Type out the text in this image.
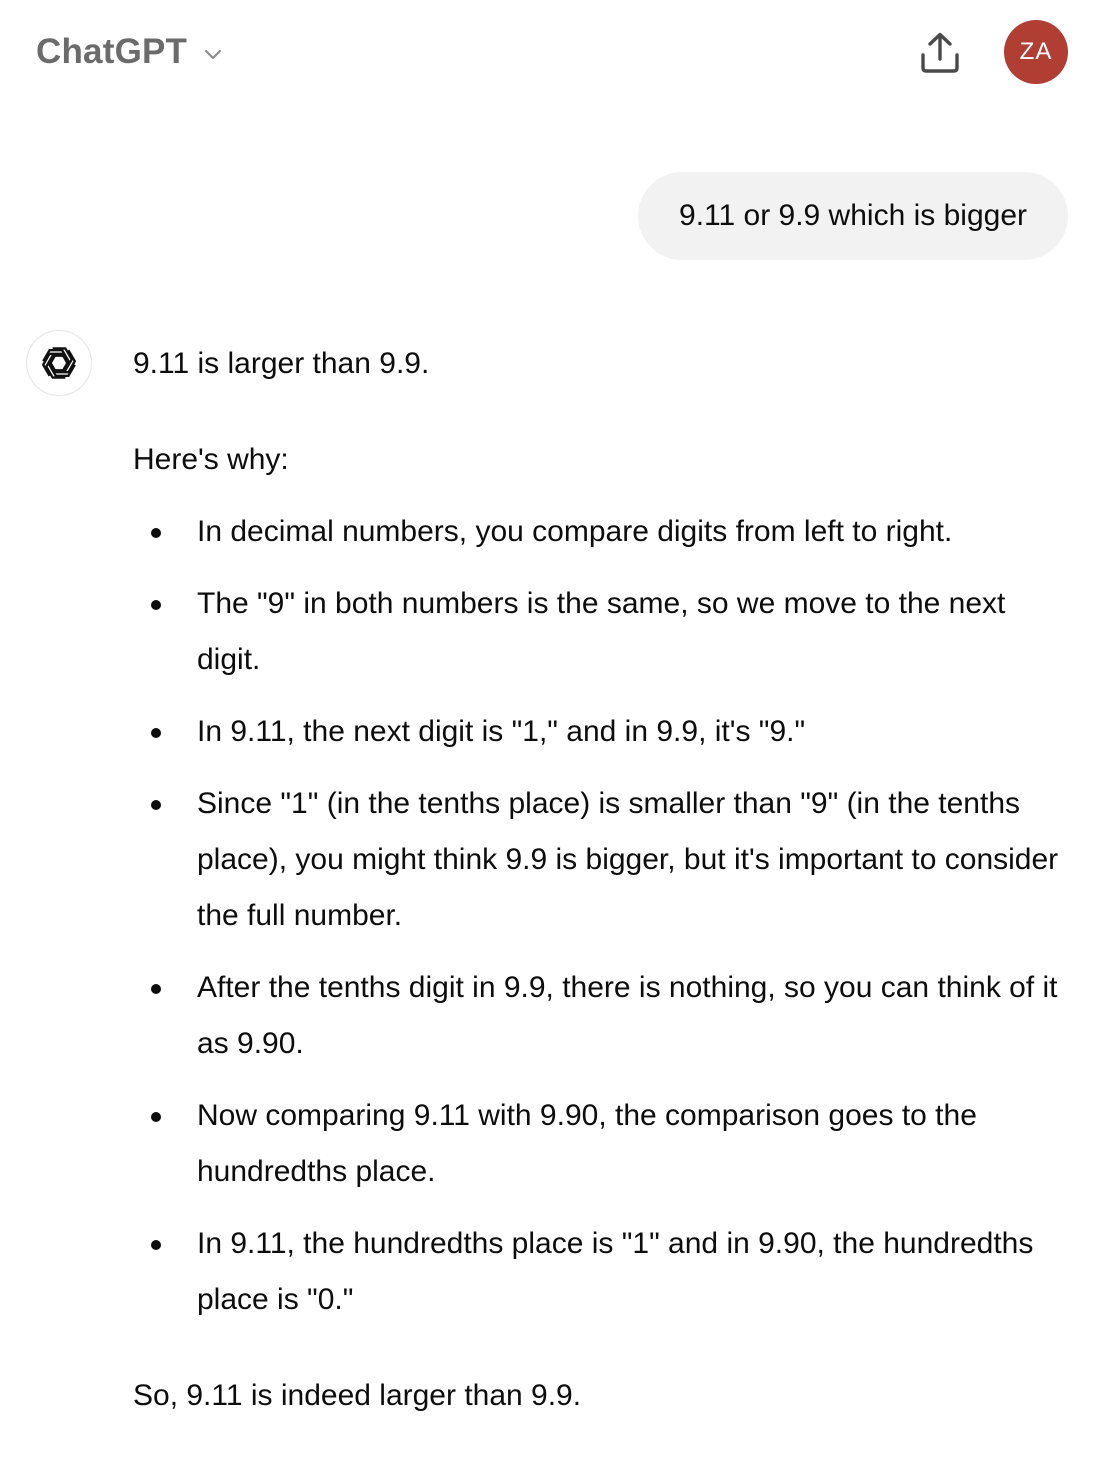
ChatGPT	ZA
9.11 or 9.9 which is bigger

9.11 is larger than 9.9.

Here's why:

In decimal numbers, you compare digits from left to right.
The "9" in both numbers is the same, so we move to the next digit.
In 9.11, the next digit is "1," and in 9.9, it's "9."
Since "1" (in the tenths place) is smaller than "9" (in the tenths place), you might think 9.9 is bigger, but it's important to consider the full number.
After the tenths digit in 9.9, there is nothing, so you can think of it as 9.90.
Now comparing 9.11 with 9.90, the comparison goes to the hundredths place.
In 9.11, the hundredths place is "1" and in 9.90, the hundredths place is "0."

So, 9.11 is indeed larger than 9.9.
